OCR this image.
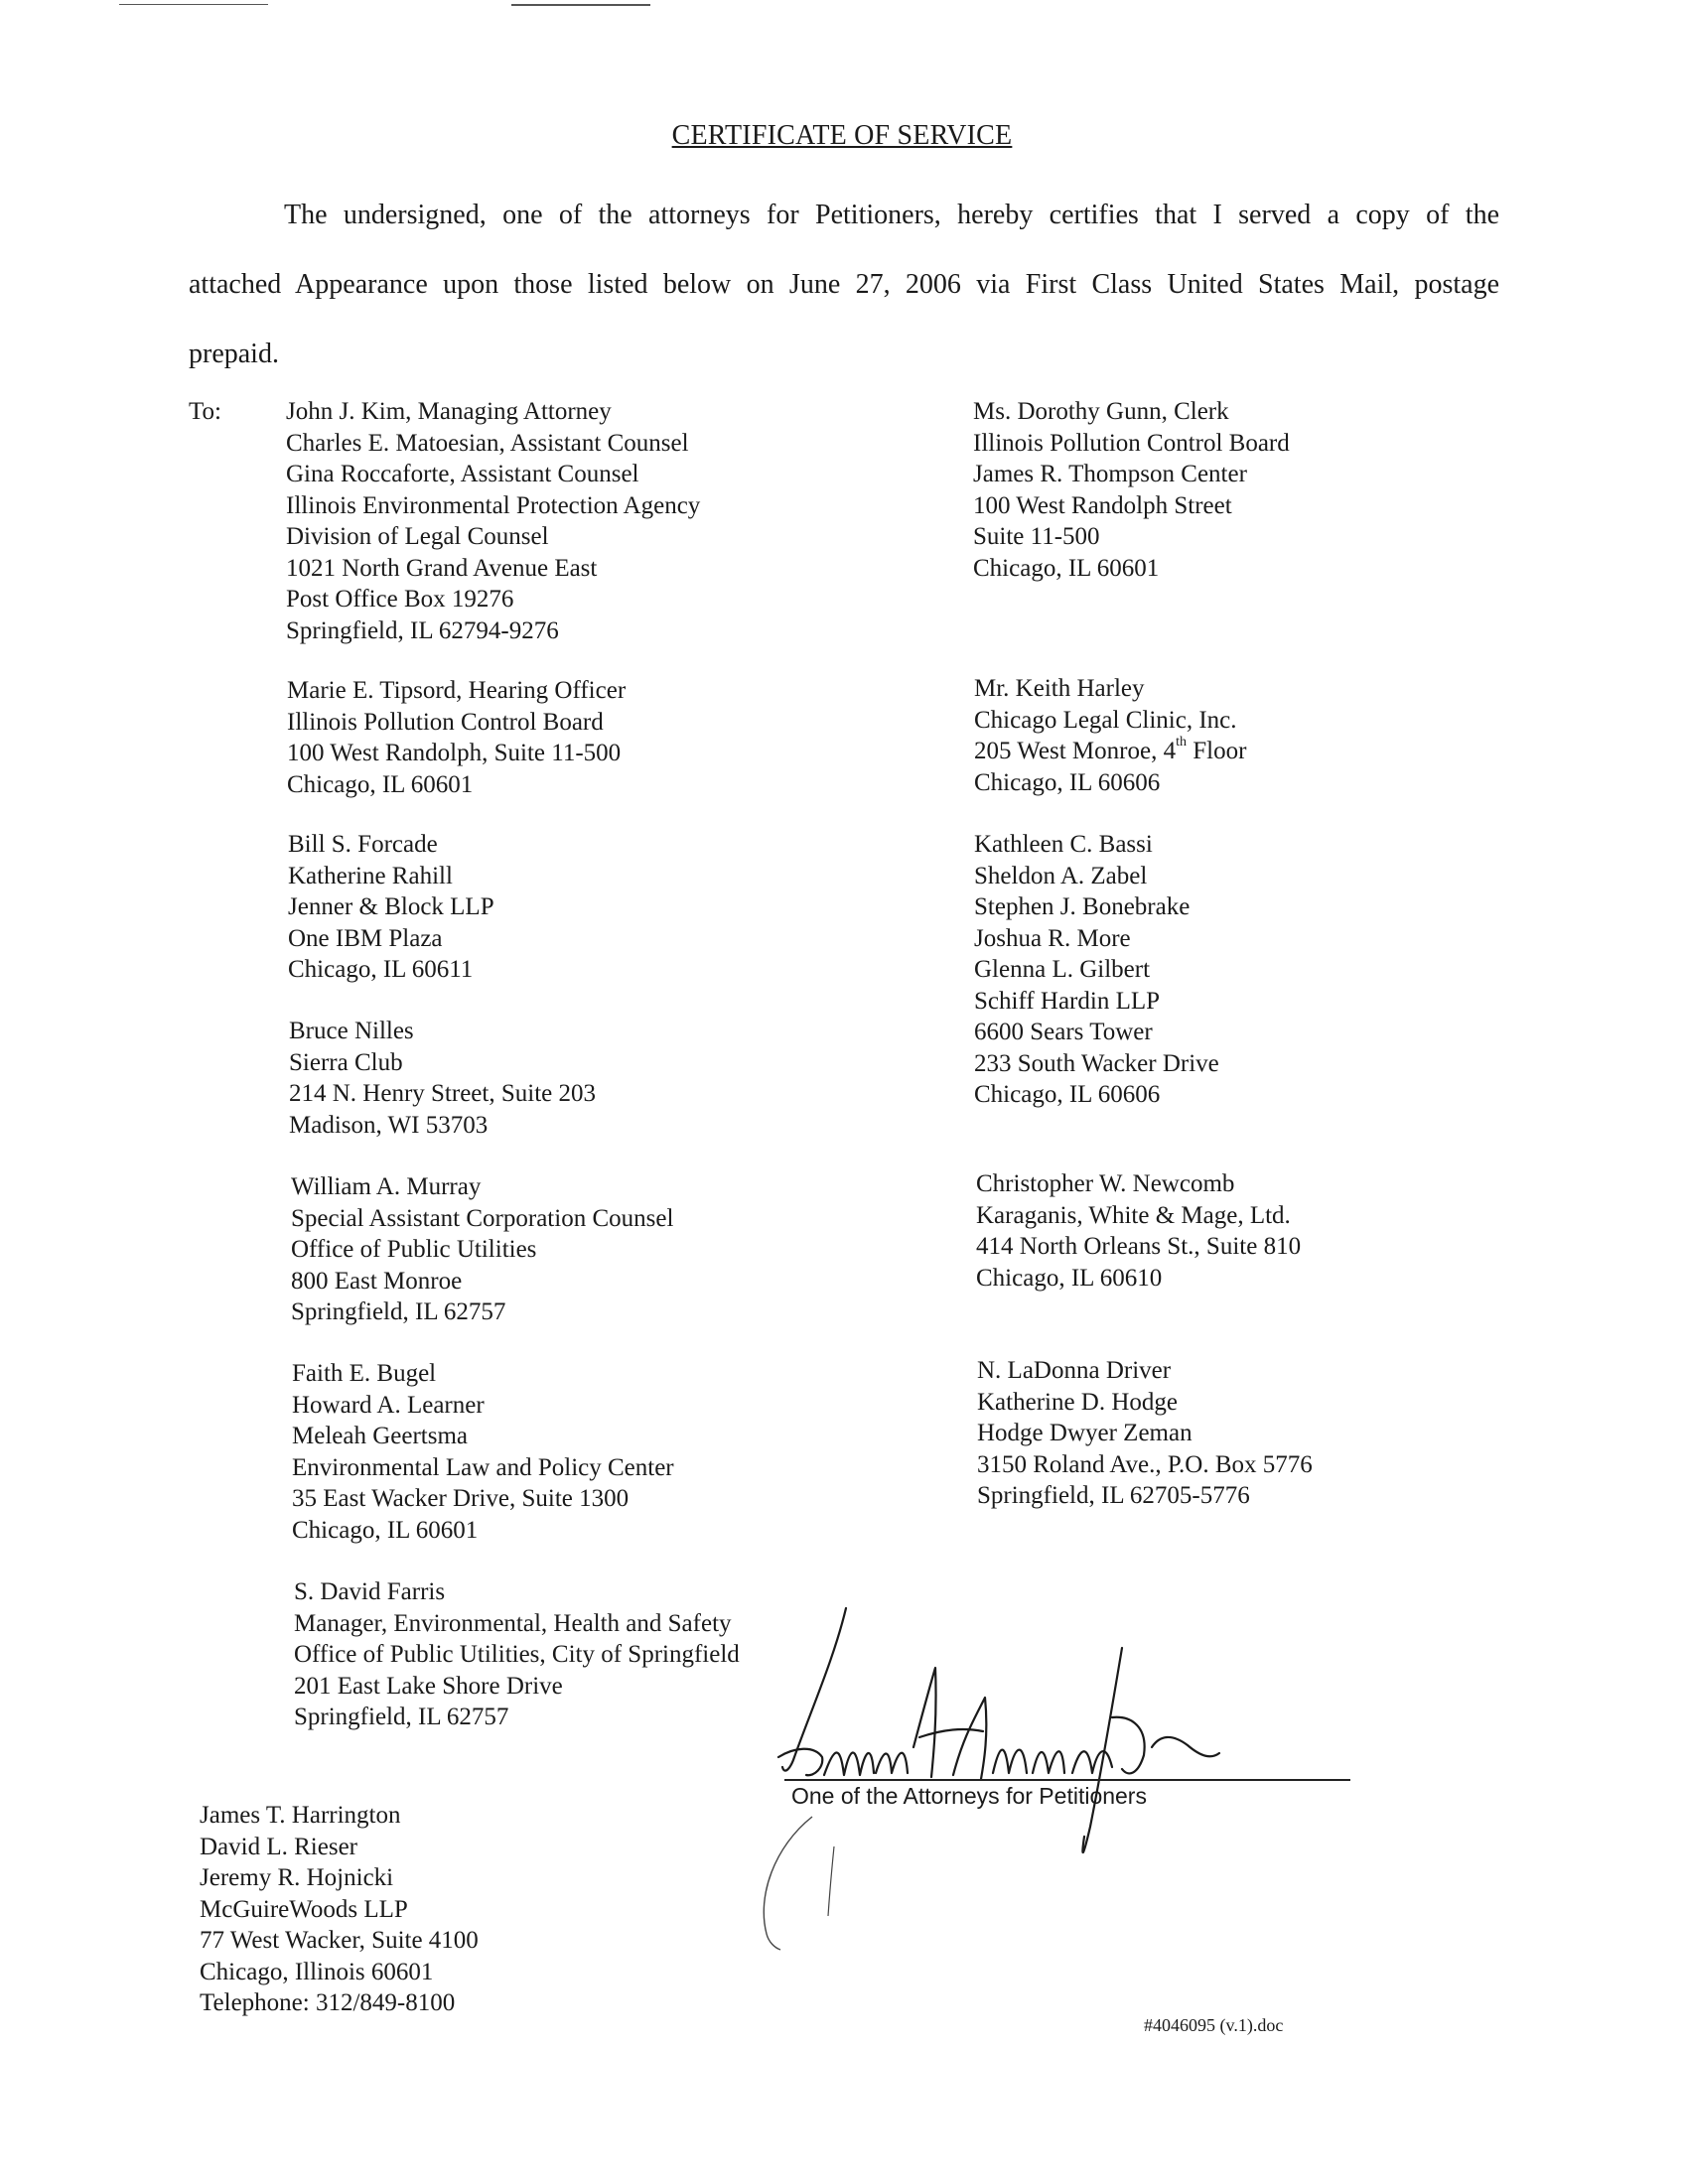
CERTIFICATE OF SERVICE
The undersigned, one of the attorneys for Petitioners, hereby certifies that I served a copy of the
attached Appearance upon those listed below on June 27, 2006 via First Class United States Mail, postage
prepaid.
To:	John J. Kim, Managing Attorney
Charles E. Matoesian, Assistant Counsel
Gina Roccaforte, Assistant Counsel
Illinois Environmental Protection Agency
Division of Legal Counsel
1021 North Grand Avenue East
Post Office Box 19276
Springfield, IL 62794-9276
Marie E. Tipsord, Hearing Officer
Illinois Pollution Control Board
100 West Randolph, Suite 11-500
Chicago, IL 60601
Bill S. Forcade
Katherine Rahill
Jenner & Block LLP
One IBM Plaza
Chicago, IL 60611
Bruce Nilles
Sierra Club
214 N. Henry Street, Suite 203
Madison, WI 53703
William A. Murray
Special Assistant Corporation Counsel
Office of Public Utilities
800 East Monroe
Springfield, IL 62757
Faith E. Bugel
Howard A. Learner
Meleah Geertsma
Environmental Law and Policy Center
35 East Wacker Drive, Suite 1300
Chicago, IL 60601
S. David Farris
Manager, Environmental, Health and Safety
Office of Public Utilities, City of Springfield
201 East Lake Shore Drive
Springfield, IL 62757
Ms. Dorothy Gunn, Clerk
Illinois Pollution Control Board
James R. Thompson Center
100 West Randolph Street
Suite 11-500
Chicago, IL 60601
Mr. Keith Harley
Chicago Legal Clinic, Inc.
205 West Monroe, 4th Floor
Chicago, IL 60606
Kathleen C. Bassi
Sheldon A. Zabel
Stephen J. Bonebrake
Joshua R. More
Glenna L. Gilbert
Schiff Hardin LLP
6600 Sears Tower
233 South Wacker Drive
Chicago, IL 60606
Christopher W. Newcomb
Karaganis, White & Mage, Ltd.
414 North Orleans St., Suite 810
Chicago, IL 60610
N. LaDonna Driver
Katherine D. Hodge
Hodge Dwyer Zeman
3150 Roland Ave., P.O. Box 5776
Springfield, IL 62705-5776
One of the Attorneys for Petitioners
James T. Harrington
David L. Rieser
Jeremy R. Hojnicki
McGuireWoods LLP
77 West Wacker, Suite 4100
Chicago, Illinois 60601
Telephone: 312/849-8100
#4046095 (v.1).doc
